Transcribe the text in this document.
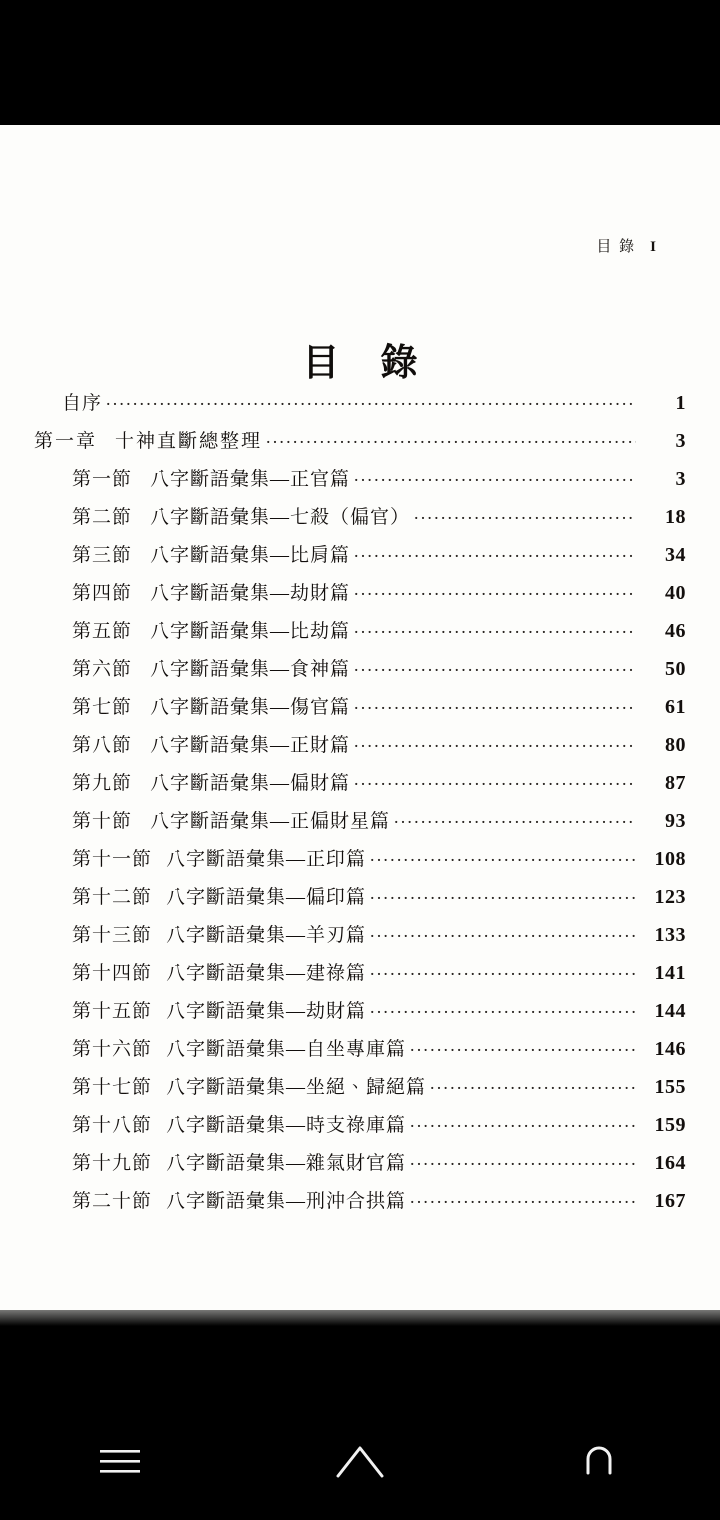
目 錄 I
目 錄
自序 .....	1
第一章 十神直斷總整理 .....	3
第一節 八字斷語彙集—正官篇 .....	3
第二節 八字斷語彙集—七殺（偏官） .....	18
第三節 八字斷語彙集—比肩篇 .....	34
第四節 八字斷語彙集—劫財篇 .....	40
第五節 八字斷語彙集—比劫篇 .....	46
第六節 八字斷語彙集—食神篇 .....	50
第七節 八字斷語彙集—傷官篇 .....	61
第八節 八字斷語彙集—正財篇 .....	80
第九節 八字斷語彙集—偏財篇 .....	87
第十節 八字斷語彙集—正偏財星篇 .....	93
第十一節 八字斷語彙集—正印篇 .....	108
第十二節 八字斷語彙集—偏印篇 .....	123
第十三節 八字斷語彙集—羊刃篇 .....	133
第十四節 八字斷語彙集—建祿篇 .....	141
第十五節 八字斷語彙集—劫財篇 .....	144
第十六節 八字斷語彙集—自坐專庫篇 .....	146
第十七節 八字斷語彙集—坐絕、歸絕篇 .....	155
第十八節 八字斷語彙集—時支祿庫篇 .....	159
第十九節 八字斷語彙集—雜氣財官篇 .....	164
第二十節 八字斷語彙集—刑沖合拱篇 .....	167
